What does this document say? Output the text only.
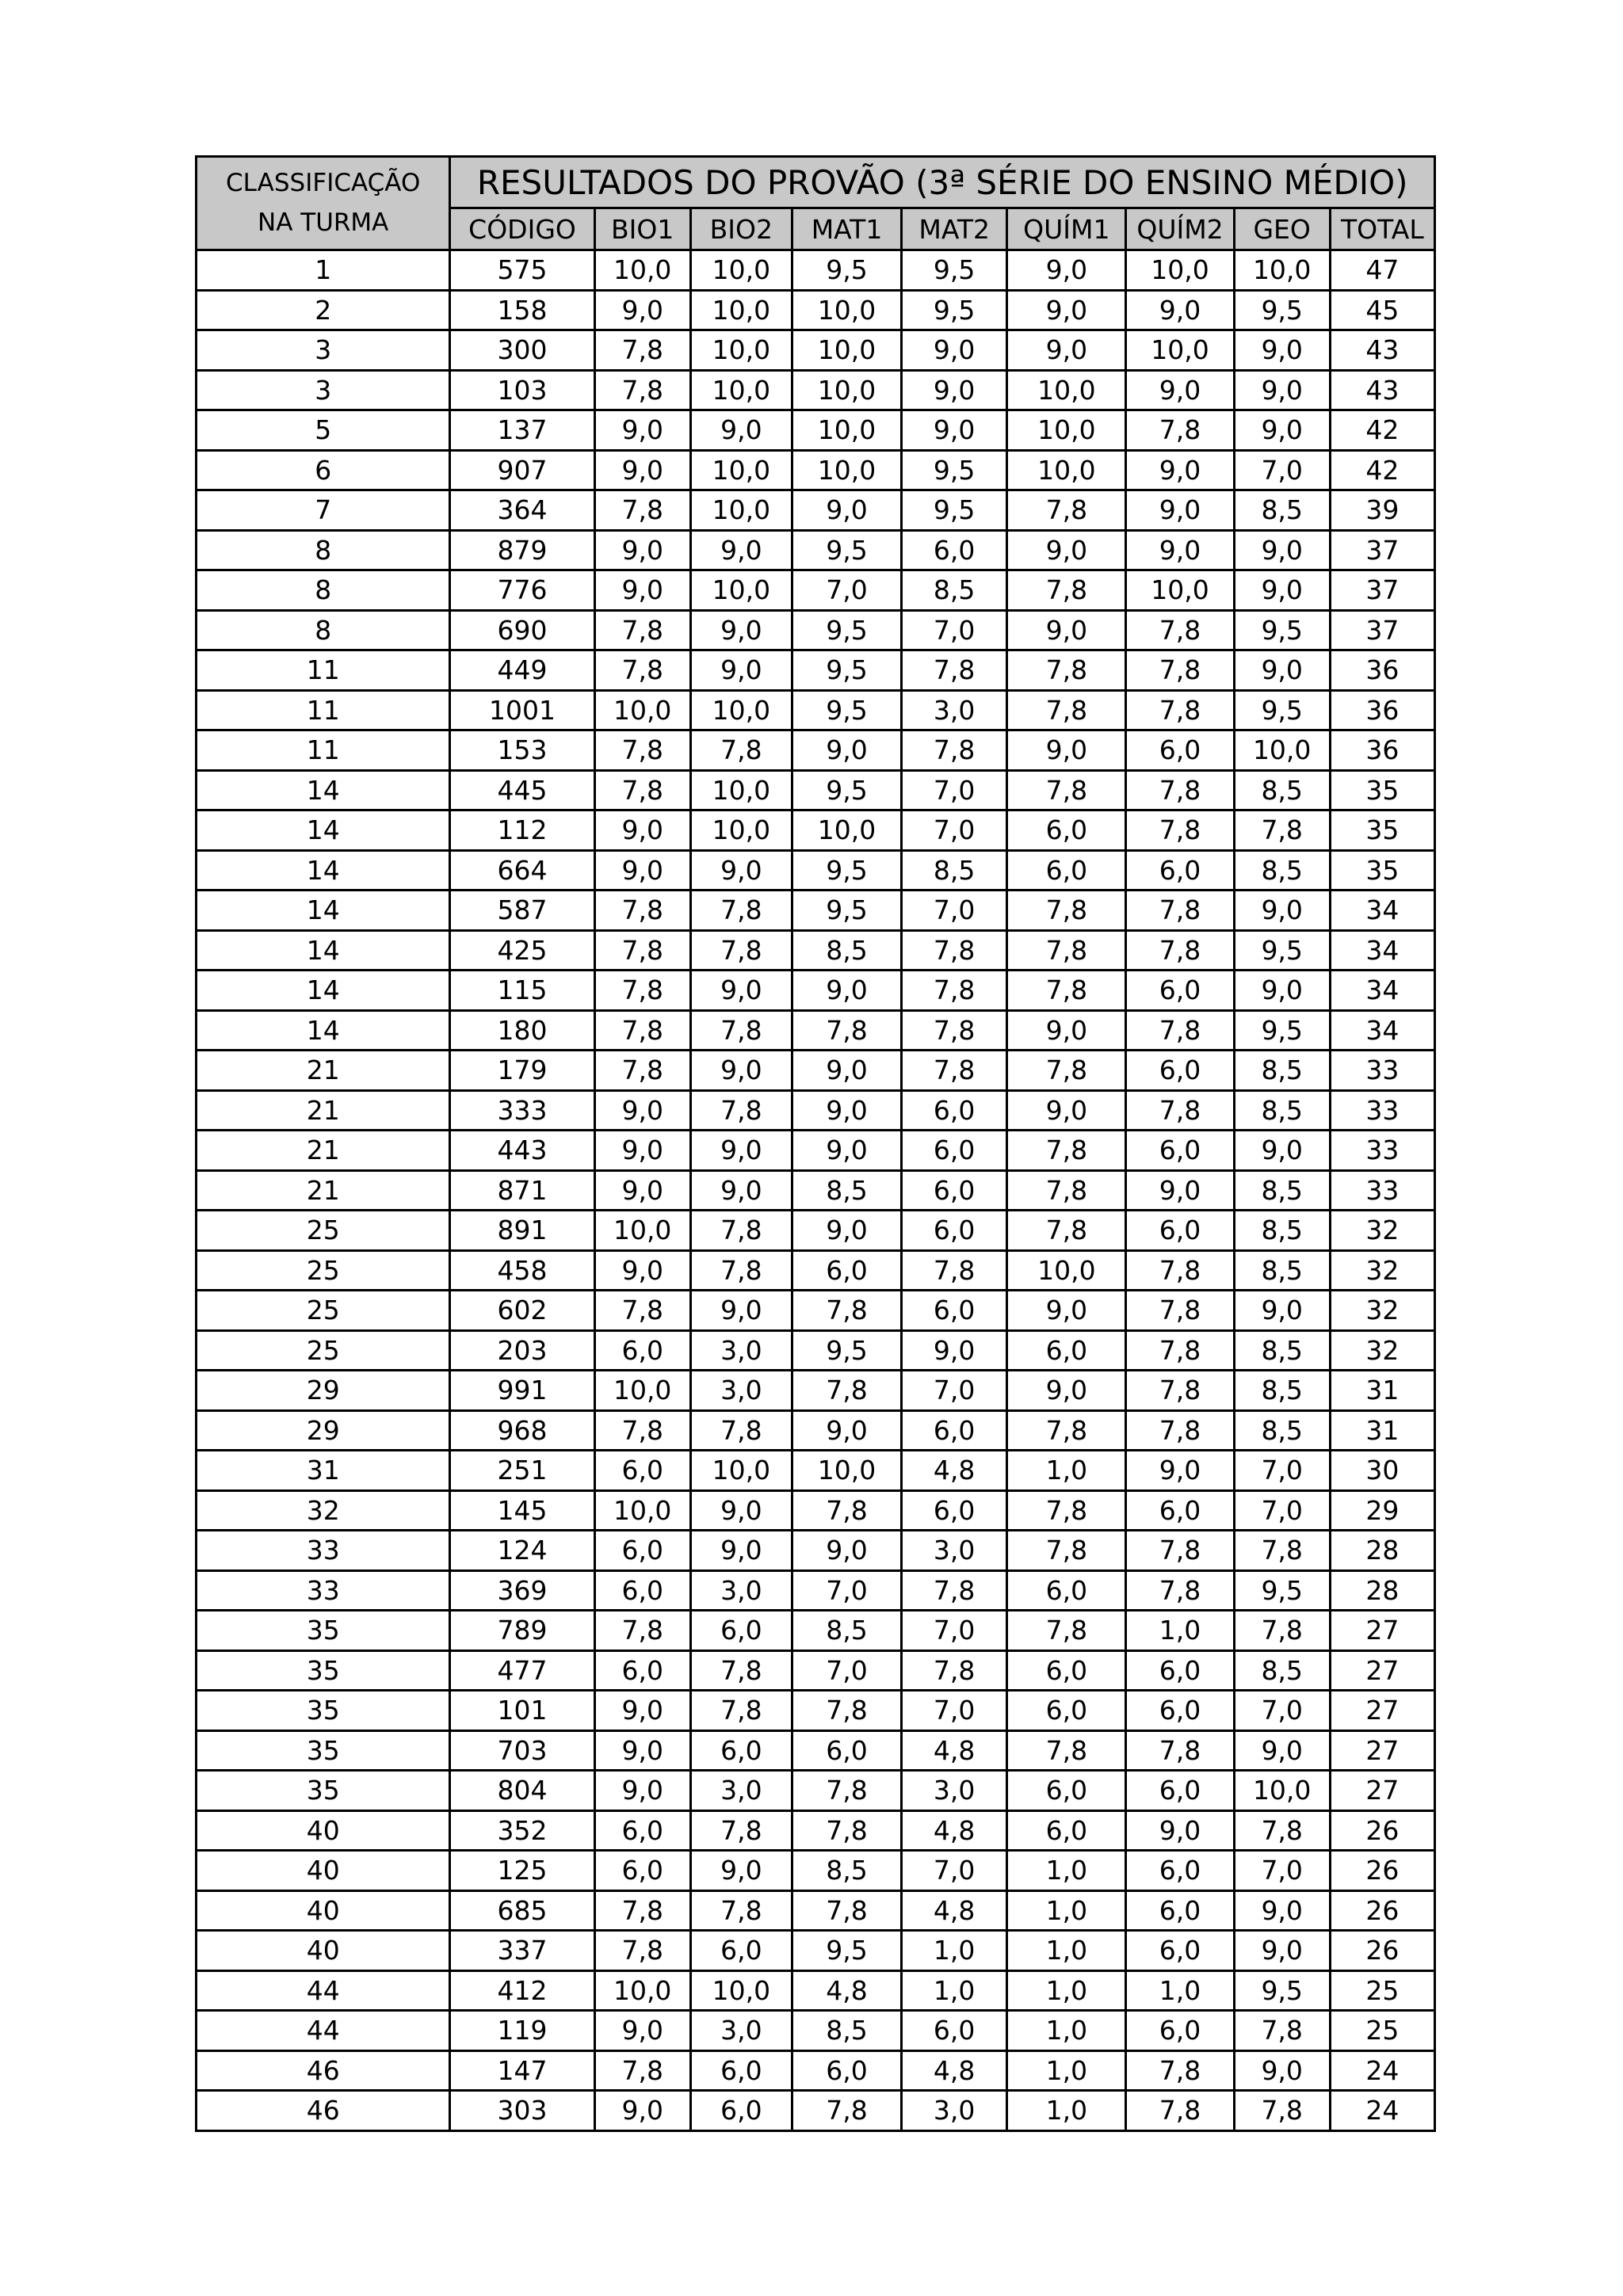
CLASSIFICAÇÃO
NA TURMA	RESULTADOS DO PROVÃO (3ª SÉRIE DO ENSINO MÉDIO)								
	CÓDIGO	BIO1	BIO2	MAT1	MAT2	QUÍM1	QUÍM2	GEO	TOTAL
1	575	10,0	10,0	9,5	9,5	9,0	10,0	10,0	47
2	158	9,0	10,0	10,0	9,5	9,0	9,0	9,5	45
3	300	7,8	10,0	10,0	9,0	9,0	10,0	9,0	43
3	103	7,8	10,0	10,0	9,0	10,0	9,0	9,0	43
5	137	9,0	9,0	10,0	9,0	10,0	7,8	9,0	42
6	907	9,0	10,0	10,0	9,5	10,0	9,0	7,0	42
7	364	7,8	10,0	9,0	9,5	7,8	9,0	8,5	39
8	879	9,0	9,0	9,5	6,0	9,0	9,0	9,0	37
8	776	9,0	10,0	7,0	8,5	7,8	10,0	9,0	37
8	690	7,8	9,0	9,5	7,0	9,0	7,8	9,5	37
11	449	7,8	9,0	9,5	7,8	7,8	7,8	9,0	36
11	1001	10,0	10,0	9,5	3,0	7,8	7,8	9,5	36
11	153	7,8	7,8	9,0	7,8	9,0	6,0	10,0	36
14	445	7,8	10,0	9,5	7,0	7,8	7,8	8,5	35
14	112	9,0	10,0	10,0	7,0	6,0	7,8	7,8	35
14	664	9,0	9,0	9,5	8,5	6,0	6,0	8,5	35
14	587	7,8	7,8	9,5	7,0	7,8	7,8	9,0	34
14	425	7,8	7,8	8,5	7,8	7,8	7,8	9,5	34
14	115	7,8	9,0	9,0	7,8	7,8	6,0	9,0	34
14	180	7,8	7,8	7,8	7,8	9,0	7,8	9,5	34
21	179	7,8	9,0	9,0	7,8	7,8	6,0	8,5	33
21	333	9,0	7,8	9,0	6,0	9,0	7,8	8,5	33
21	443	9,0	9,0	9,0	6,0	7,8	6,0	9,0	33
21	871	9,0	9,0	8,5	6,0	7,8	9,0	8,5	33
25	891	10,0	7,8	9,0	6,0	7,8	6,0	8,5	32
25	458	9,0	7,8	6,0	7,8	10,0	7,8	8,5	32
25	602	7,8	9,0	7,8	6,0	9,0	7,8	9,0	32
25	203	6,0	3,0	9,5	9,0	6,0	7,8	8,5	32
29	991	10,0	3,0	7,8	7,0	9,0	7,8	8,5	31
29	968	7,8	7,8	9,0	6,0	7,8	7,8	8,5	31
31	251	6,0	10,0	10,0	4,8	1,0	9,0	7,0	30
32	145	10,0	9,0	7,8	6,0	7,8	6,0	7,0	29
33	124	6,0	9,0	9,0	3,0	7,8	7,8	7,8	28
33	369	6,0	3,0	7,0	7,8	6,0	7,8	9,5	28
35	789	7,8	6,0	8,5	7,0	7,8	1,0	7,8	27
35	477	6,0	7,8	7,0	7,8	6,0	6,0	8,5	27
35	101	9,0	7,8	7,8	7,0	6,0	6,0	7,0	27
35	703	9,0	6,0	6,0	4,8	7,8	7,8	9,0	27
35	804	9,0	3,0	7,8	3,0	6,0	6,0	10,0	27
40	352	6,0	7,8	7,8	4,8	6,0	9,0	7,8	26
40	125	6,0	9,0	8,5	7,0	1,0	6,0	7,0	26
40	685	7,8	7,8	7,8	4,8	1,0	6,0	9,0	26
40	337	7,8	6,0	9,5	1,0	1,0	6,0	9,0	26
44	412	10,0	10,0	4,8	1,0	1,0	1,0	9,5	25
44	119	9,0	3,0	8,5	6,0	1,0	6,0	7,8	25
46	147	7,8	6,0	6,0	4,8	1,0	7,8	9,0	24
46	303	9,0	6,0	7,8	3,0	1,0	7,8	7,8	24
